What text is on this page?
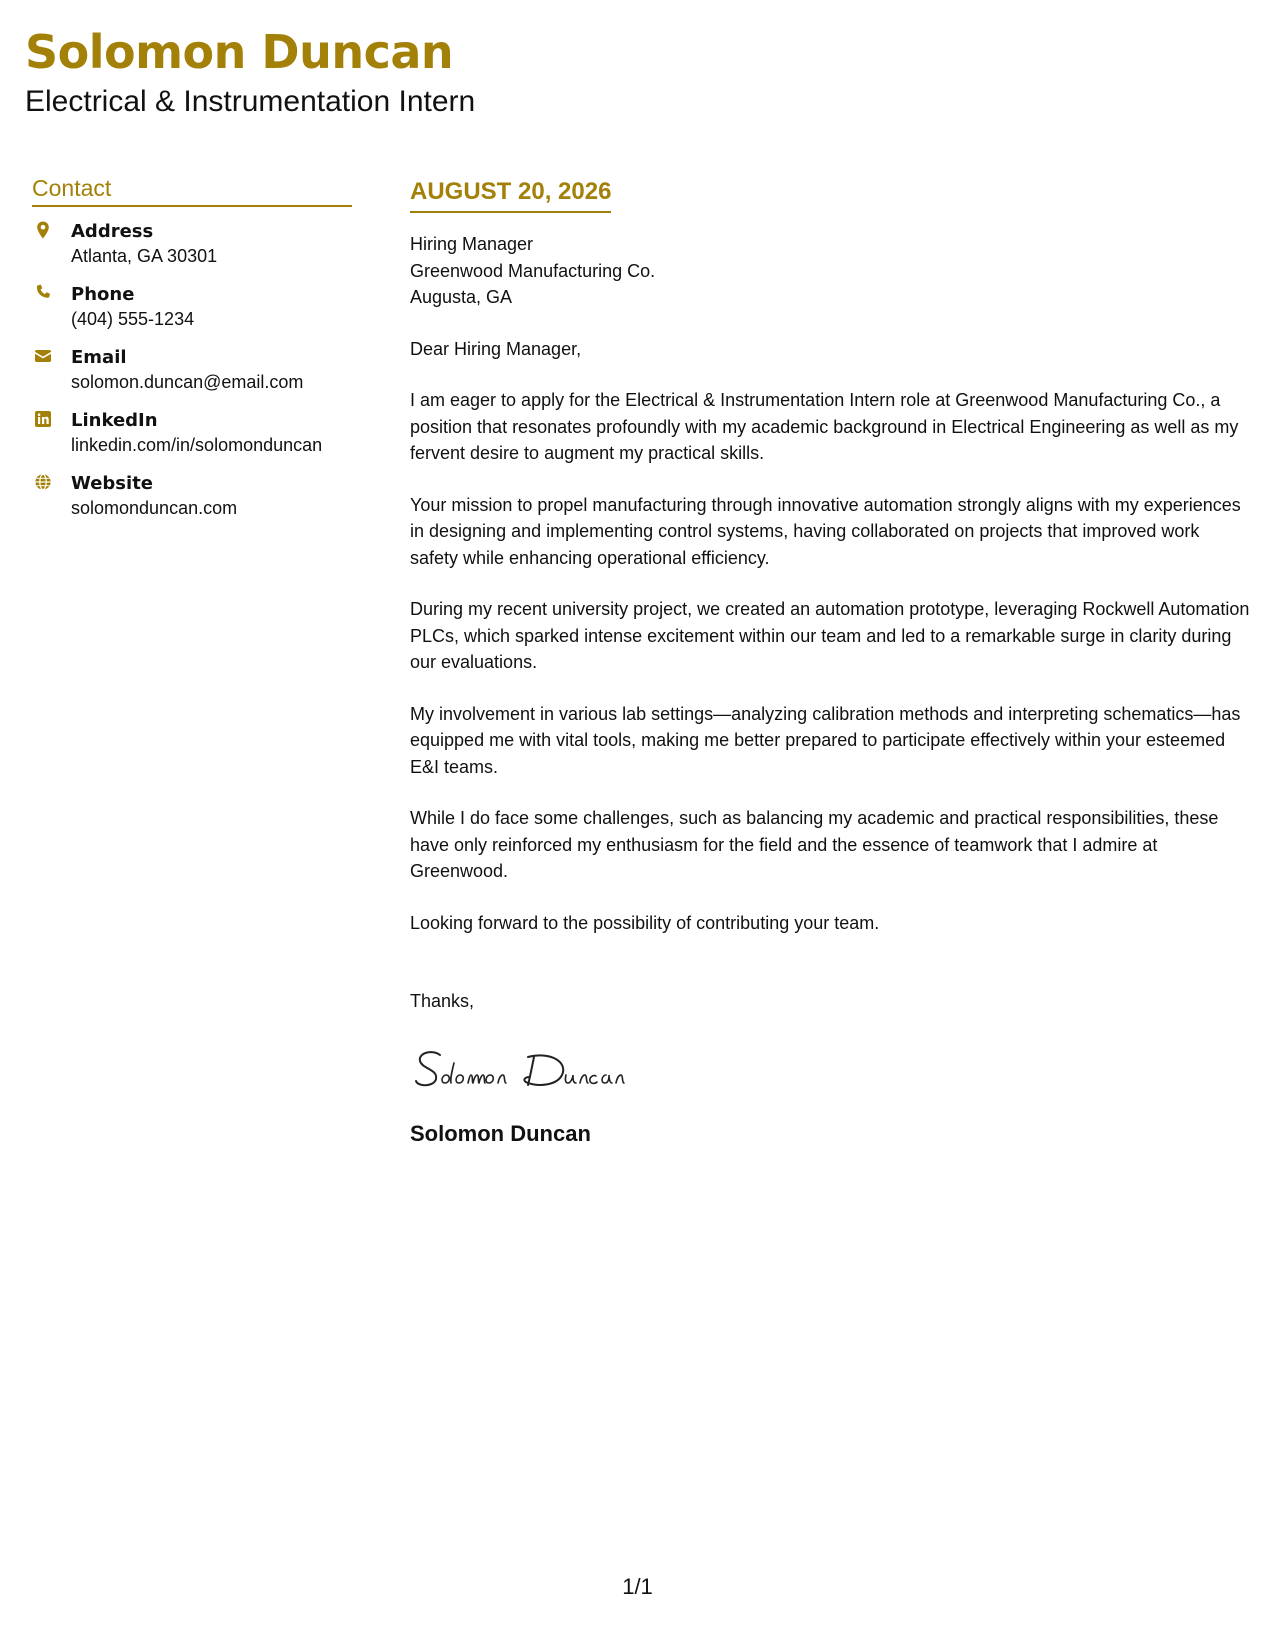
Solomon Duncan
Electrical & Instrumentation Intern
Contact
Address
Atlanta, GA 30301
Phone
(404) 555-1234
Email
solomon.duncan@email.com
LinkedIn
linkedin.com/in/solomonduncan
Website
solomonduncan.com
AUGUST 20, 2026

Hiring Manager
Greenwood Manufacturing Co.
Augusta, GA

Dear Hiring Manager,

I am eager to apply for the Electrical & Instrumentation Intern role at Greenwood Manufacturing Co., a position that resonates profoundly with my academic background in Electrical Engineering as well as my fervent desire to augment my practical skills.

Your mission to propel manufacturing through innovative automation strongly aligns with my experiences in designing and implementing control systems, having collaborated on projects that improved work safety while enhancing operational efficiency.

During my recent university project, we created an automation prototype, leveraging Rockwell Automation PLCs, which sparked intense excitement within our team and led to a remarkable surge in clarity during our evaluations.

My involvement in various lab settings—analyzing calibration methods and interpreting schematics—has equipped me with vital tools, making me better prepared to participate effectively within your esteemed E&I teams.

While I do face some challenges, such as balancing my academic and practical responsibilities, these have only reinforced my enthusiasm for the field and the essence of teamwork that I admire at Greenwood.

Looking forward to the possibility of contributing your team.

Thanks,

Solomon Duncan

1/1
